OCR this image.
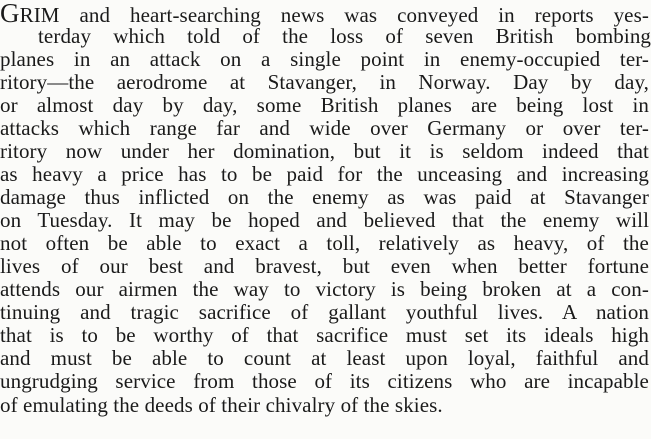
GRIM and heart-searching news was conveyed in reports yes-
terday which told of the loss of seven British bombing
planes in an attack on a single point in enemy-occupied ter-
ritory—the aerodrome at Stavanger, in Norway. Day by day,
or almost day by day, some British planes are being lost in
attacks which range far and wide over Germany or over ter-
ritory now under her domination, but it is seldom indeed that
as heavy a price has to be paid for the unceasing and increasing
damage thus inflicted on the enemy as was paid at Stavanger
on Tuesday. It may be hoped and believed that the enemy will
not often be able to exact a toll, relatively as heavy, of the
lives of our best and bravest, but even when better fortune
attends our airmen the way to victory is being broken at a con-
tinuing and tragic sacrifice of gallant youthful lives. A nation
that is to be worthy of that sacrifice must set its ideals high
and must be able to count at least upon loyal, faithful and
ungrudging service from those of its citizens who are incapable
of emulating the deeds of their chivalry of the skies.
